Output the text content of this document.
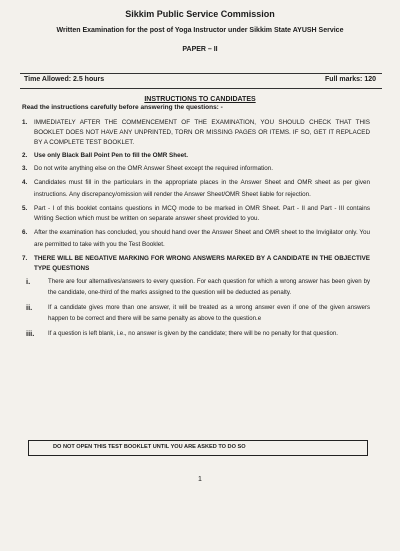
Sikkim Public Service Commission
Written Examination for the post of Yoga Instructor under Sikkim State AYUSH Service
PAPER – II
Time Allowed: 2.5 hours	Full marks: 120
INSTRUCTIONS TO CANDIDATES
Read the instructions carefully before answering the questions: -
1. IMMEDIATELY AFTER THE COMMENCEMENT OF THE EXAMINATION, YOU SHOULD CHECK THAT THIS BOOKLET DOES NOT HAVE ANY UNPRINTED, TORN OR MISSING PAGES OR ITEMS. IF SO, GET IT REPLACED BY A COMPLETE TEST BOOKLET.
2. Use only Black Ball Point Pen to fill the OMR Sheet.
3. Do not write anything else on the OMR Answer Sheet except the required information.
4. Candidates must fill in the particulars in the appropriate places in the Answer Sheet and OMR sheet as per given instructions. Any discrepancy/omission will render the Answer Sheet/OMR Sheet liable for rejection.
5. Part - I of this booklet contains questions in MCQ mode to be marked in OMR Sheet. Part - II and Part - III contains Writing Section which must be written on separate answer sheet provided to you.
6. After the examination has concluded, you should hand over the Answer Sheet and OMR sheet to the Invigilator only. You are permitted to take with you the Test Booklet.
7. THERE WILL BE NEGATIVE MARKING FOR WRONG ANSWERS MARKED BY A CANDIDATE IN THE OBJECTIVE TYPE QUESTIONS
i.	There are four alternatives/answers to every question. For each question for which a wrong answer has been given by the candidate, one-third of the marks assigned to the question will be deducted as penalty.
ii.	If a candidate gives more than one answer, it will be treated as a wrong answer even if one of the given answers happen to be correct and there will be same penalty as above to the question.e
iii. If a question is left blank, i.e., no answer is given by the candidate; there will be no penalty for that question.
DO NOT OPEN THIS TEST BOOKLET UNTIL YOU ARE ASKED TO DO SO
1
